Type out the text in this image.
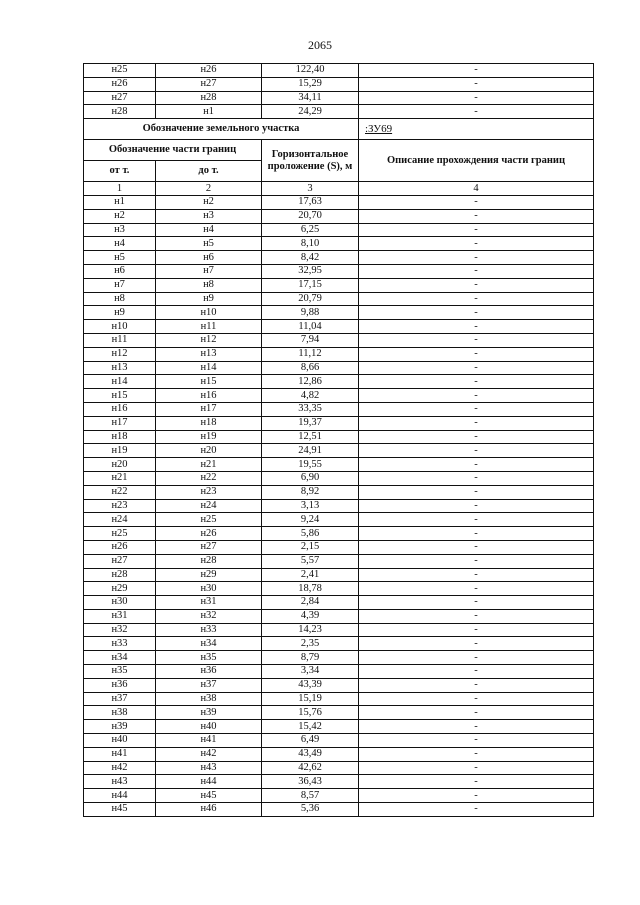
2065
н25	н26	122,40	-
н26	н27	15,29	-
н27	н28	34,11	-
н28	н1	24,29	-
Обозначение земельного участка			:ЗУ69
Обозначение части границ		Горизонтальное проложение (S), м	Описание прохождения части границ
от т.	до т.		
1	2	3	4
н1	н2	17,63	-
н2	н3	20,70	-
н3	н4	6,25	-
н4	н5	8,10	-
н5	н6	8,42	-
н6	н7	32,95	-
н7	н8	17,15	-
н8	н9	20,79	-
н9	н10	9,88	-
н10	н11	11,04	-
н11	н12	7,94	-
н12	н13	11,12	-
н13	н14	8,66	-
н14	н15	12,86	-
н15	н16	4,82	-
н16	н17	33,35	-
н17	н18	19,37	-
н18	н19	12,51	-
н19	н20	24,91	-
н20	н21	19,55	-
н21	н22	6,90	-
н22	н23	8,92	-
н23	н24	3,13	-
н24	н25	9,24	-
н25	н26	5,86	-
н26	н27	2,15	-
н27	н28	5,57	-
н28	н29	2,41	-
н29	н30	18,78	-
н30	н31	2,84	-
н31	н32	4,39	-
н32	н33	14,23	-
н33	н34	2,35	-
н34	н35	8,79	-
н35	н36	3,34	-
н36	н37	43,39	-
н37	н38	15,19	-
н38	н39	15,76	-
н39	н40	15,42	-
н40	н41	6,49	-
н41	н42	43,49	-
н42	н43	42,62	-
н43	н44	36,43	-
н44	н45	8,57	-
н45	н46	5,36	-
